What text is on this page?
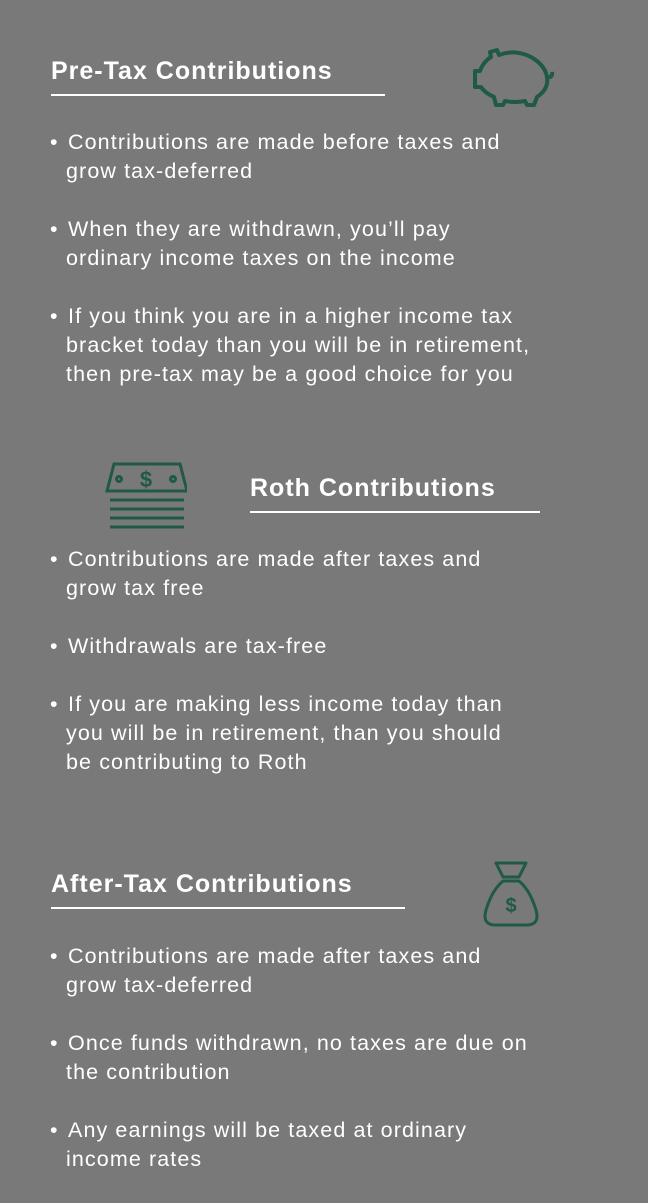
Pre-Tax Contributions
• Contributions are made before taxes and
grow tax-deferred
• When they are withdrawn, you’ll pay
ordinary income taxes on the income
• If you think you are in a higher income tax
bracket today than you will be in retirement,
then pre-tax may be a good choice for you
$	Roth Contributions
• Contributions are made after taxes and
grow tax free
• Withdrawals are tax-free
• If you are making less income today than
you will be in retirement, than you should
be contributing to Roth
After-Tax Contributions
$
• Contributions are made after taxes and
grow tax-deferred
• Once funds withdrawn, no taxes are due on
the contribution
• Any earnings will be taxed at ordinary
income rates
